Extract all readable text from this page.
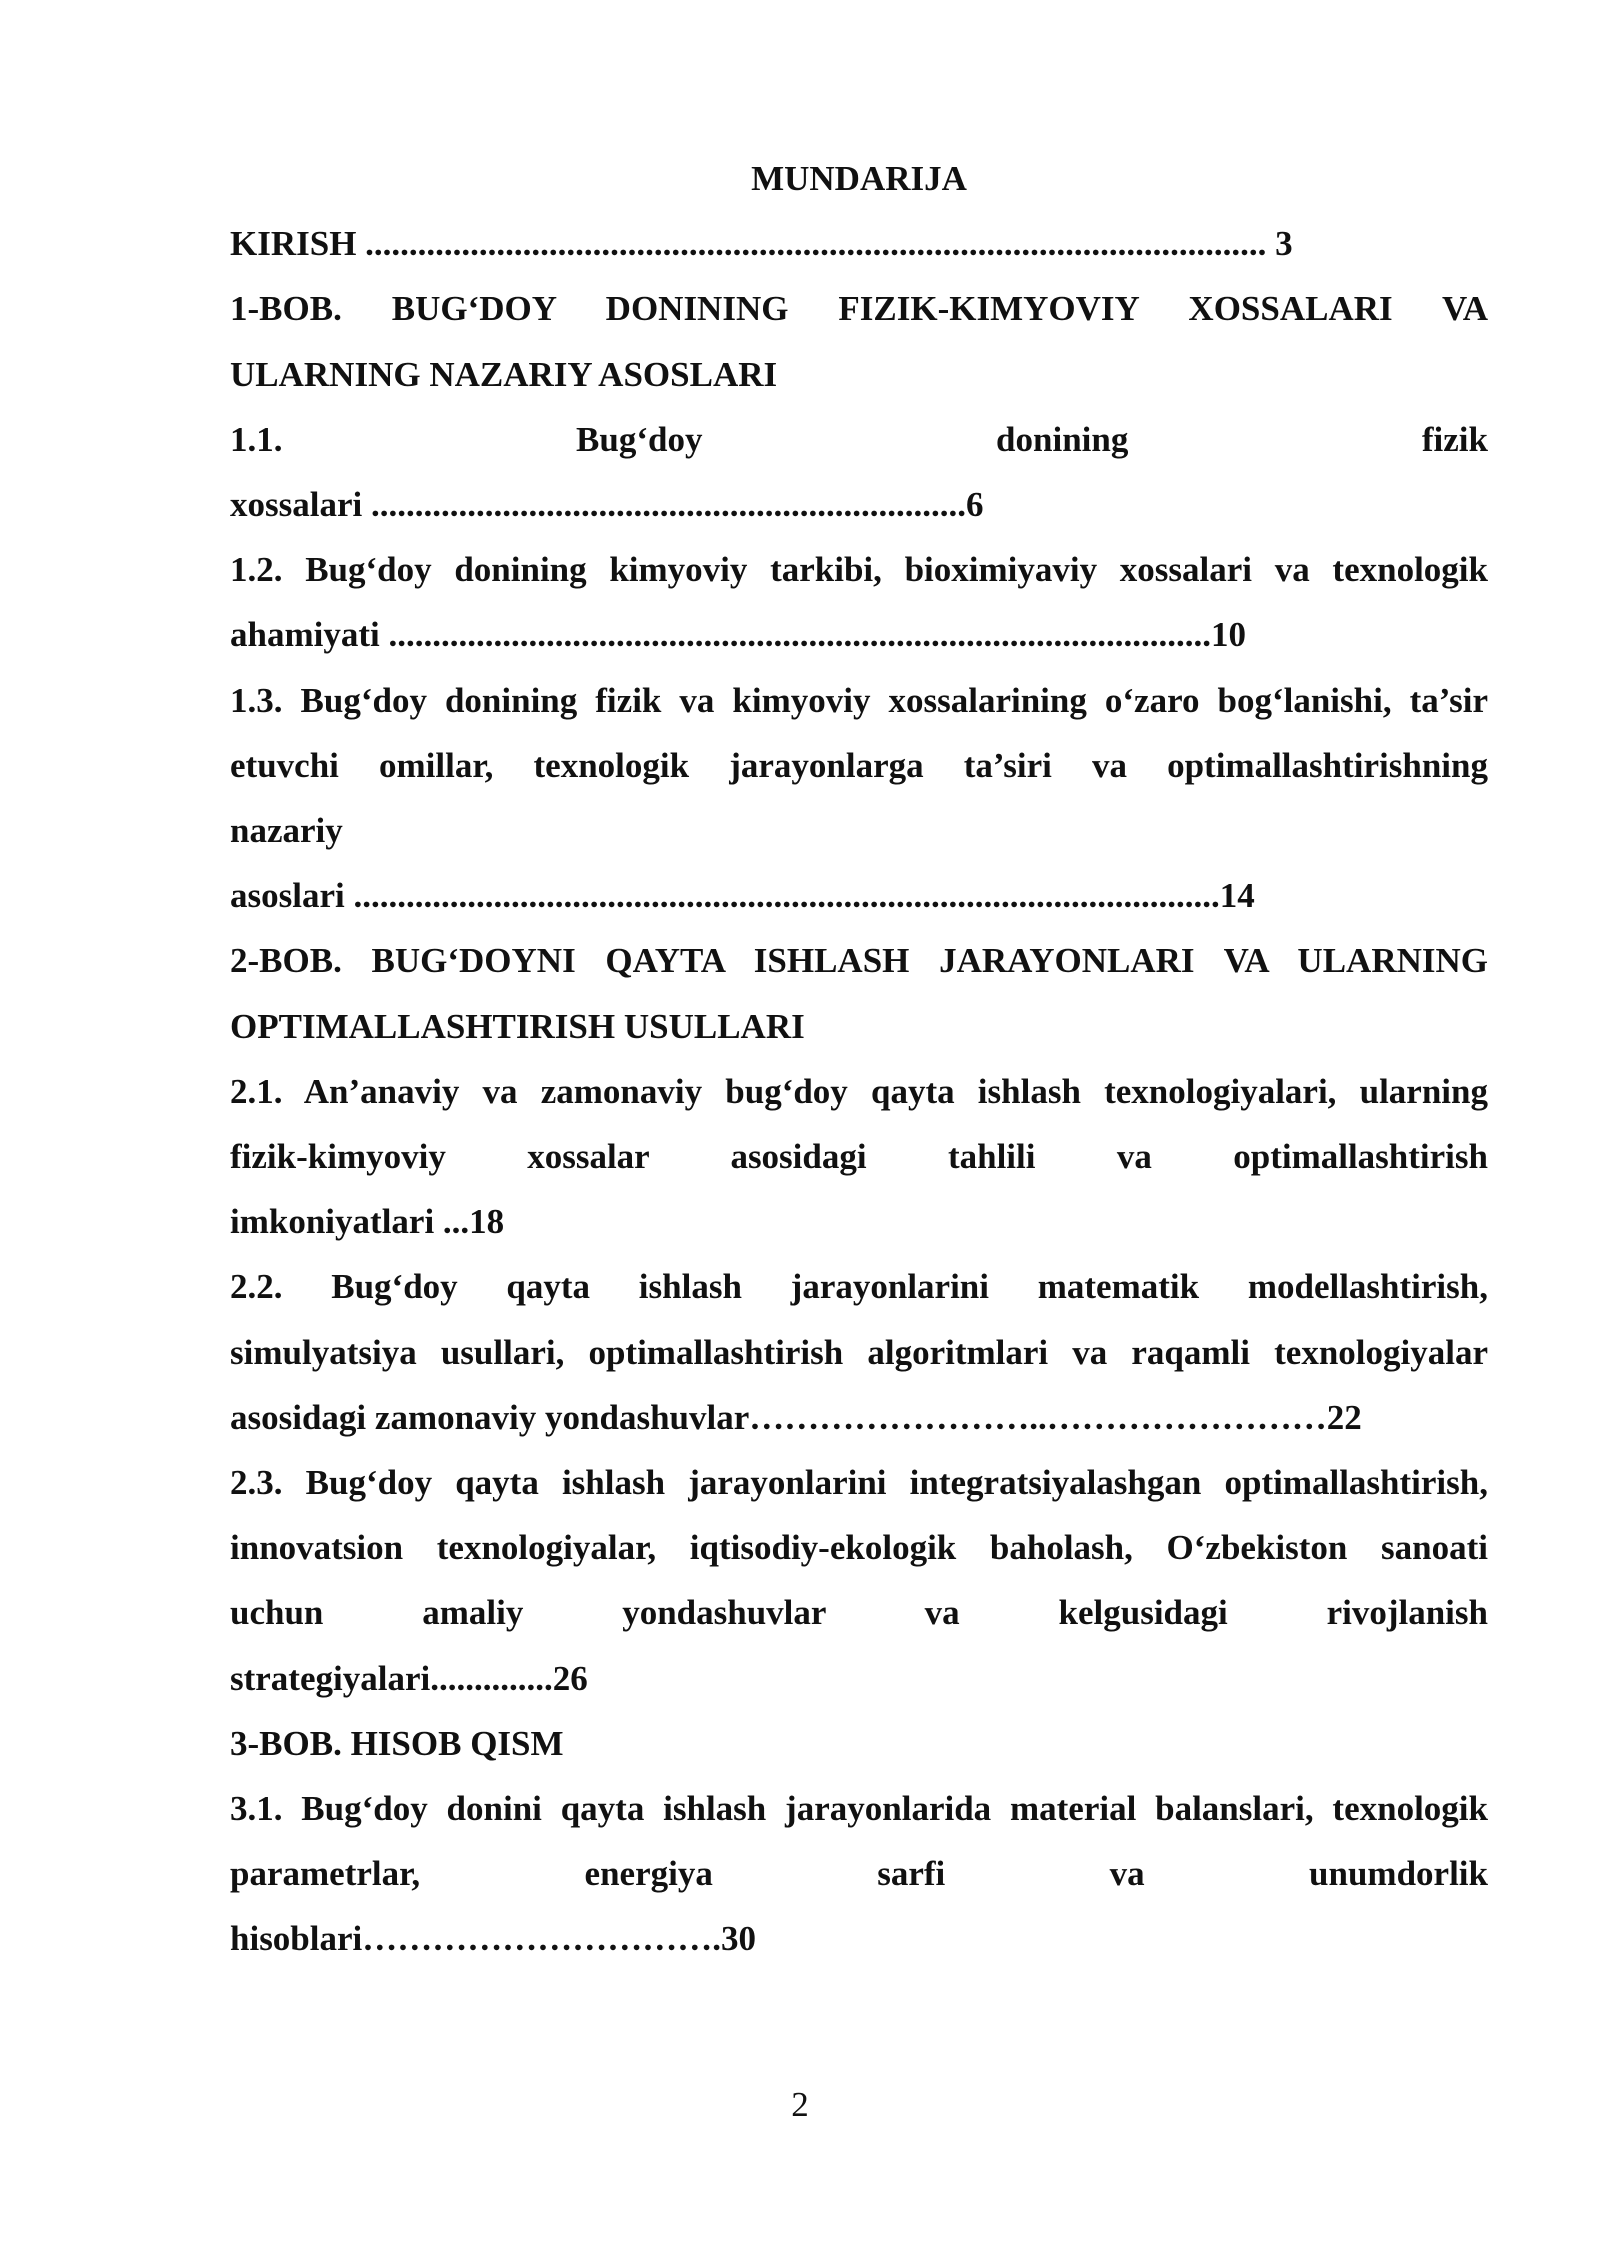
MUNDARIJA
KIRISH ....................................................................................................... 3
1-BOB. BUG‘DOY DONINING FIZIK-KIMYOVIY XOSSALARI VA
ULARNING NAZARIY ASOSLARI
1.1. Bug‘doy donining fizik
xossalari ....................................................................6
1.2. Bug‘doy donining kimyoviy tarkibi, bioximiyaviy xossalari va texnologik
ahamiyati ..............................................................................................10
1.3. Bug‘doy donining fizik va kimyoviy xossalarining o‘zaro bog‘lanishi, ta’sir
etuvchi omillar, texnologik jarayonlarga ta’siri va optimallashtirishning
nazariy
asoslari ...................................................................................................14
2-BOB. BUG‘DOYNI QAYTA ISHLASH JARAYONLARI VA ULARNING
OPTIMALLASHTIRISH USULLARI
2.1. An’anaviy va zamonaviy bug‘doy qayta ishlash texnologiyalari, ularning
fizik-kimyoviy xossalar asosidagi tahlili va optimallashtirish
imkoniyatlari ...18
2.2. Bug‘doy qayta ishlash jarayonlarini matematik modellashtirish,
simulyatsiya usullari, optimallashtirish algoritmlari va raqamli texnologiyalar
asosidagi zamonaviy yondashuvlar……………………..……………………22
2.3. Bug‘doy qayta ishlash jarayonlarini integratsiyalashgan optimallashtirish,
innovatsion texnologiyalar, iqtisodiy-ekologik baholash, O‘zbekiston sanoati
uchun amaliy yondashuvlar va kelgusidagi rivojlanish
strategiyalari..............26
3-BOB. HISOB QISM
3.1. Bug‘doy donini qayta ishlash jarayonlarida material balanslari, texnologik
parametrlar, energiya sarfi va unumdorlik
hisoblari………………………….30
2
